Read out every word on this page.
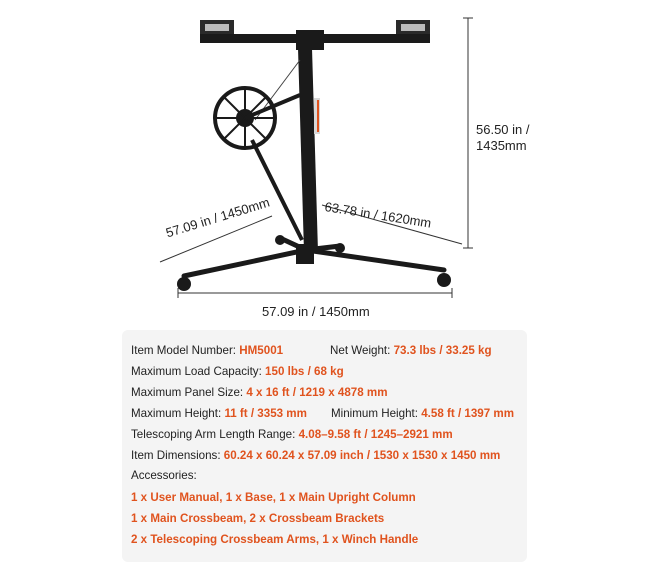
56.50 in /
1435mm
57.09 in / 1450mm	63.78 in / 1620mm
57.09 in / 1450mm
Item Model Number: HM5001	Net Weight: 73.3 lbs / 33.25 kg
Maximum Load Capacity: 150 lbs / 68 kg
Maximum Panel Size: 4 x 16 ft / 1219 x 4878 mm
Maximum Height: 11 ft / 3353 mm Minimum Height: 4.58 ft / 1397 mm
Telescoping Arm Length Range: 4.08–9.58 ft / 1245–2921 mm
Item Dimensions: 60.24 x 60.24 x 57.09 inch / 1530 x 1530 x 1450 mm
Accessories:
1 x User Manual, 1 x Base, 1 x Main Upright Column
1 x Main Crossbeam, 2 x Crossbeam Brackets
2 x Telescoping Crossbeam Arms, 1 x Winch Handle
